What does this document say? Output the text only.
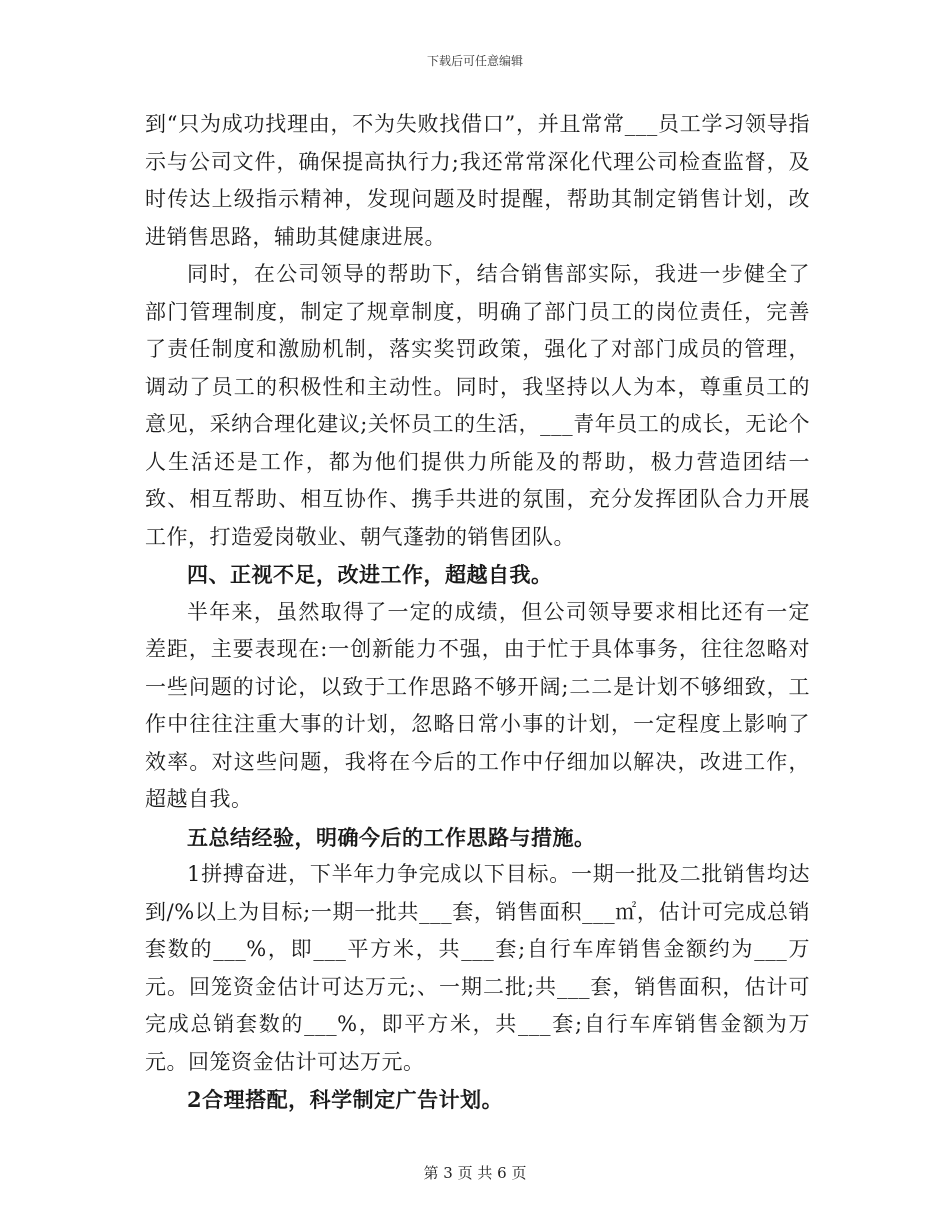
下载后可任意编辑

到“只为成功找理由，不为失败找借口”，并且常常___员工学习领导指示与公司文件，确保提高执行力;我还常常深化代理公司检查监督，及时传达上级指示精神，发现问题及时提醒，帮助其制定销售计划，改进销售思路，辅助其健康进展。

同时，在公司领导的帮助下，结合销售部实际，我进一步健全了部门管理制度，制定了规章制度，明确了部门员工的岗位责任，完善了责任制度和激励机制，落实奖罚政策，强化了对部门成员的管理，调动了员工的积极性和主动性。同时，我坚持以人为本，尊重员工的意见，采纳合理化建议;关怀员工的生活，___青年员工的成长，无论个人生活还是工作，都为他们提供力所能及的帮助，极力营造团结一致、相互帮助、相互协作、携手共进的氛围，充分发挥团队合力开展工作，打造爱岗敬业、朝气蓬勃的销售团队。

四、正视不足，改进工作，超越自我。

半年来，虽然取得了一定的成绩，但公司领导要求相比还有一定差距，主要表现在:一创新能力不强，由于忙于具体事务，往往忽略对一些问题的讨论，以致于工作思路不够开阔;二二是计划不够细致，工作中往往注重大事的计划，忽略日常小事的计划，一定程度上影响了效率。对这些问题，我将在今后的工作中仔细加以解决，改进工作，超越自我。

五总结经验，明确今后的工作思路与措施。

1拼搏奋进，下半年力争完成以下目标。一期一批及二批销售均达到/%以上为目标;一期一批共___套，销售面积___㎡，估计可完成总销套数的___%，即___平方米，共___套;自行车库销售金额约为___万元。回笼资金估计可达万元;、一期二批;共___套，销售面积，估计可完成总销套数的___%，即平方米，共___套;自行车库销售金额为万元。回笼资金估计可达万元。

2合理搭配，科学制定广告计划。

第 3 页 共 6 页
